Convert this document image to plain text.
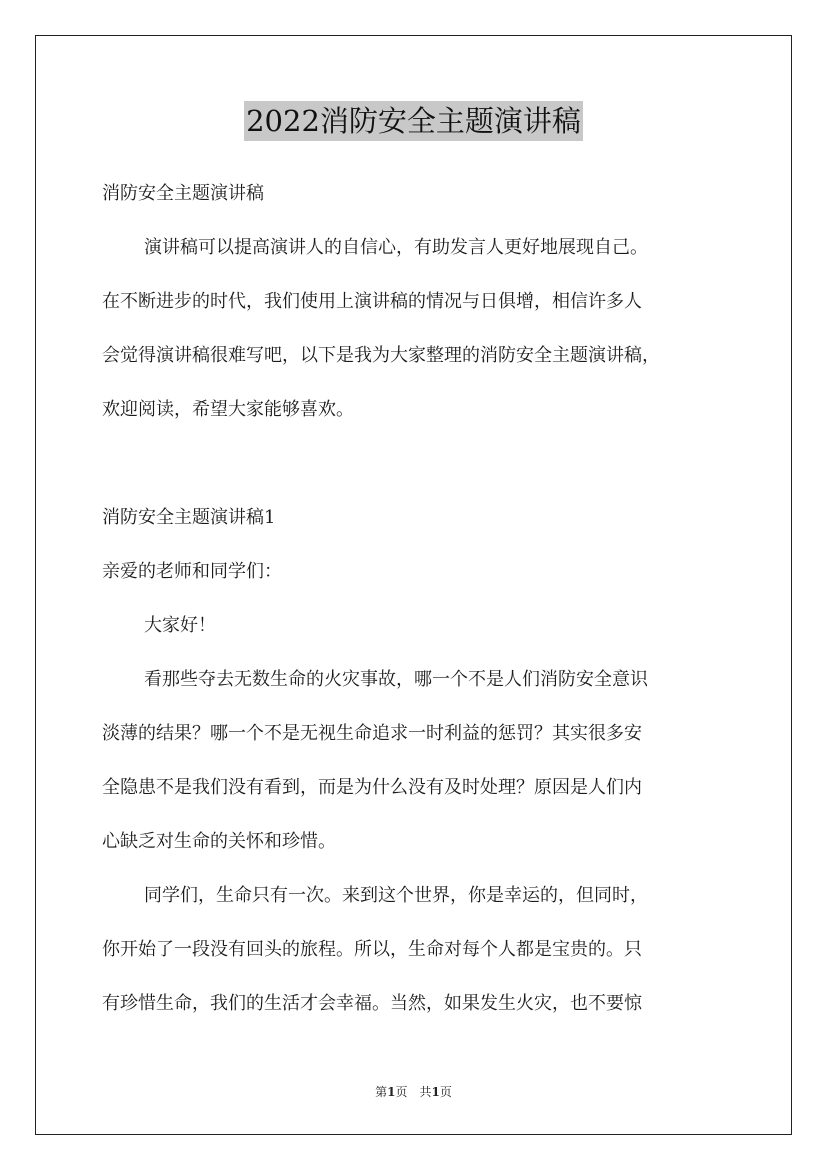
2022消防安全主题演讲稿
消防安全主题演讲稿
演讲稿可以提高演讲人的自信心，有助发言人更好地展现自己。
在不断进步的时代，我们使用上演讲稿的情况与日俱增，相信许多人
会觉得演讲稿很难写吧，以下是我为大家整理的消防安全主题演讲稿，
欢迎阅读，希望大家能够喜欢。
消防安全主题演讲稿1
亲爱的老师和同学们：
大家好！
看那些夺去无数生命的火灾事故，哪一个不是人们消防安全意识
淡薄的结果？哪一个不是无视生命追求一时利益的惩罚？其实很多安
全隐患不是我们没有看到，而是为什么没有及时处理？原因是人们内
心缺乏对生命的关怀和珍惜。
同学们，生命只有一次。来到这个世界，你是幸运的，但同时，
你开始了一段没有回头的旅程。所以，生命对每个人都是宝贵的。只
有珍惜生命，我们的生活才会幸福。当然，如果发生火灾，也不要惊
第1页　共1页
